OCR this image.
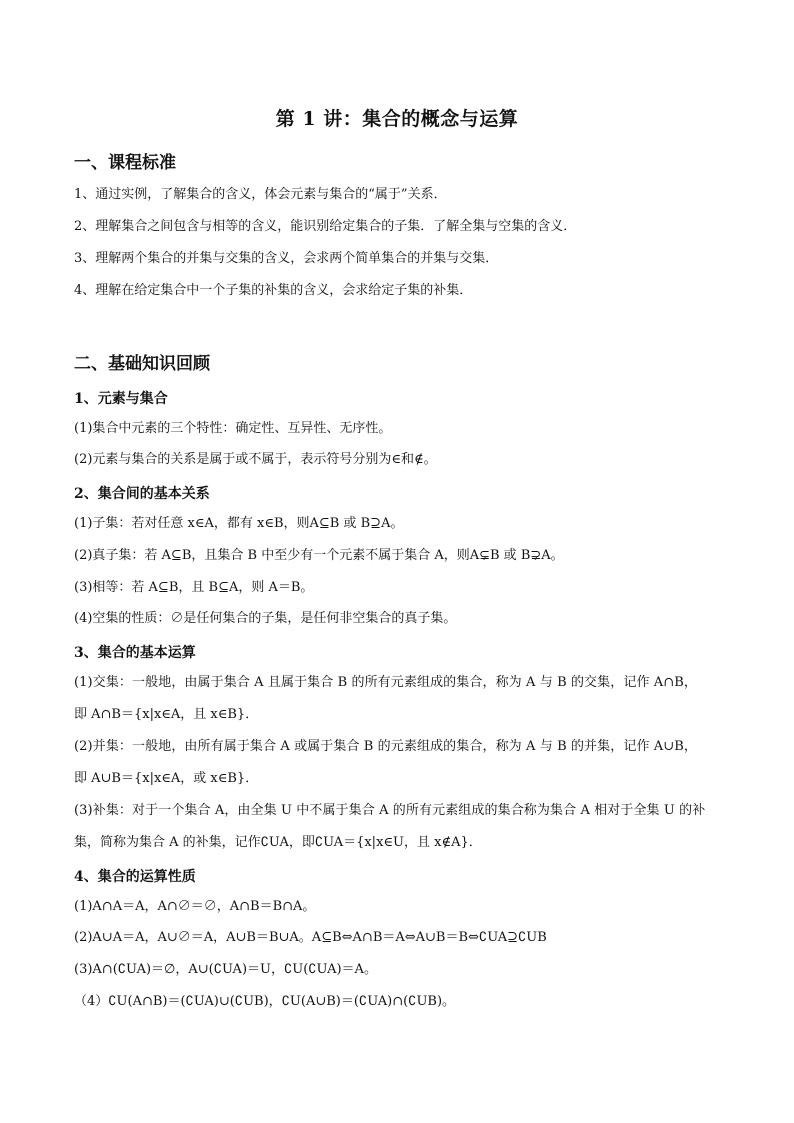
第 1 讲：集合的概念与运算
一、课程标准
1、通过实例，了解集合的含义，体会元素与集合的“属于”关系．
2、理解集合之间包含与相等的含义，能识别给定集合的子集．了解全集与空集的含义．
3、理解两个集合的并集与交集的含义，会求两个简单集合的并集与交集．
4、理解在给定集合中一个子集的补集的含义，会求给定子集的补集．
二、基础知识回顾
1、元素与集合
(1)集合中元素的三个特性：确定性、互异性、无序性。
(2)元素与集合的关系是属于或不属于，表示符号分别为∈和∉。
2、集合间的基本关系
(1)子集：若对任意 x∈A，都有 x∈B，则A⊆B 或 B⊇A。
(2)真子集：若 A⊆B，且集合 B 中至少有一个元素不属于集合 A，则A⊊B 或 B⊋A。
(3)相等：若 A⊆B，且 B⊆A，则 A＝B。
(4)空集的性质：∅是任何集合的子集，是任何非空集合的真子集。
3、集合的基本运算
(1)交集：一般地，由属于集合 A 且属于集合 B 的所有元素组成的集合，称为 A 与 B 的交集，记作 A∩B，
即 A∩B＝{x|x∈A，且 x∈B}．
(2)并集：一般地，由所有属于集合 A 或属于集合 B 的元素组成的集合，称为 A 与 B 的并集，记作 A∪B，
即 A∪B＝{x|x∈A，或 x∈B}．
(3)补集：对于一个集合 A，由全集 U 中不属于集合 A 的所有元素组成的集合称为集合 A 相对于全集 U 的补
集，简称为集合 A 的补集，记作∁UA，即∁UA＝{x|x∈U，且 x∉A}．
4、集合的运算性质
(1)A∩A＝A，A∩∅＝∅，A∩B＝B∩A。
(2)A∪A＝A，A∪∅＝A，A∪B＝B∪A。A⊆B⇔A∩B＝A⇔A∪B＝B⇔∁UA⊇∁UB
(3)A∩(∁UA)＝∅，A∪(∁UA)＝U，∁U(∁UA)＝A。
（4）∁U(A∩B)＝(∁UA)∪(∁UB)，∁U(A∪B)＝(∁UA)∩(∁UB)。
